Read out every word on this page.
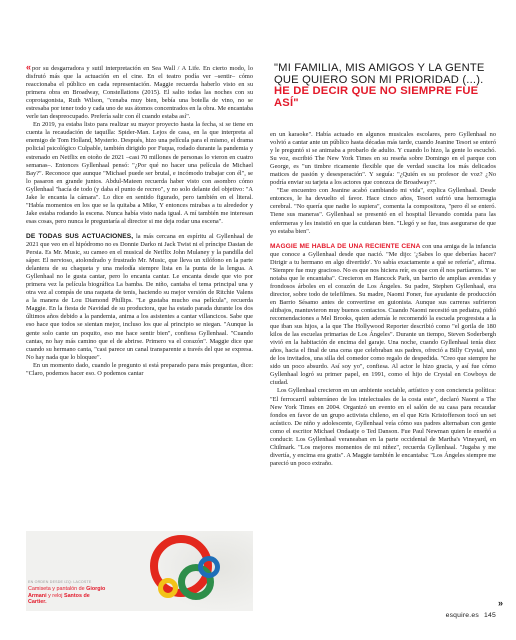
«por su desgarradora y sutil interpretación en Sea Wall / A Life. En cierto modo, lo disfrutó más que la actuación en el cine. En el teatro podía ver –sentir– cómo reaccionaba el público en cada representación. Maggie recuerda haberlo visto en su primera obra en Broadway, Constellations (2015). El salto todas las noches con su coprotagonista, Ruth Wilson, "cenaba muy bien, bebía una botella de vino, no se estresaba por tener todo y cada uno de sus átomos concentrados en la obra. Me encantaba verle tan despreocupado. Prefería salir con él cuando estaba así".

En 2019, ya estaba listo para realizar su mayor proyecto hasta la fecha, si se tiene en cuenta la recaudación de taquilla: Spider-Man. Lejos de casa, en la que interpreta al enemigo de Tom Holland, Mysterio. Después, hizo una película para el mismo, el drama policial psicológico Culpable, también dirigido por Fuqua, rodado durante la pandemia y estrenado en Netflix en otoño de 2021 –casi 70 millones de personas lo vieron en cuatro semanas–. Entonces Gyllenhaal pensó: "¿Por qué no hacer una película de Michael Bay?". Reconoce que aunque "Michael puede ser brutal, e incómodo trabajar con él", se lo pasaron en grande juntos. Abdul-Mateen recuerda haber visto con asombro cómo Gyllenhaal "hacía de todo (y daba el punto de recreo", y no solo delante del objetivo: "A Jake le encanta la cámara". Lo dice en sentido figurado, pero también en el literal. "Había momentos en los que se la quitaba a Mike, Y entonces mirabas a tu alrededor y Jake estaba rodando la escena. Nunca había visto nada igual. A mí también me interesan esas cosas, pero nunca le preguntaría al director si me deja rodar una escena".

DE TODAS SUS ACTUACIONES, la más cercana en espíritu al Gyllenhaal de 2021 que veo en el hipódromo no es Donnie Darko ni Jack Twist ni el príncipe Dastan de Persia. Es Mr. Music, su cameo en el musical de Netflix John Mulaney y la pandilla del sáper. El nervioso, atolondrado y frustrado Mr. Music, que lleva un xilófono en la parte delantera de su chaqueta y una melodía siempre lista en la punta de la lengua. A Gyllenhaal no le gusta cantar, pero lo encanta cantar. Le encanta desde que vio por primera vez la película biográfica La bamba. De niño, cantaba el tema principal una y otra vez al compás de una raqueta de tenis, haciendo su mejor versión de Ritchie Valens a la manera de Lou Diamond Phillips. "Le gustaba mucho esa película", recuerda Maggie. En la fiesta de Navidad de su productora, que ha estado parada durante los dos últimos años debido a la pandemia, anima a los asistentes a cantar villancicos. Sabe que eso hace que todos se sientan mejor, incluso los que al principio se niegan. "Aunque la gente solo cante un poquito, eso me hace sentir bien", confiesa Gyllenhaal. "Cuando cantas, no hay más camino que el de abrirse. Primero va el corazón". Maggie dice que cuando su hermano canta, "casi parece un canal transparente a través del que se expresa. No hay nada que lo bloquee".

En un momento dado, cuando le pregunto si está preparado para más preguntas, dice: "Claro, podemos hacer eso. O podemos cantar

"MI FAMILIA, MIS AMIGOS Y LA GENTE QUE QUIERO SON MI PRIORIDAD (...). HE DE DECIR QUE NO SIEMPRE FUE ASÍ"

en un karaoke". Había actuado en algunos musicales escolares, pero Gyllenhaal no volvió a cantar ante un público hasta décadas más tarde, cuando Jeanine Tesori se enteró y le preguntó si se animaba a probarlo de adulto. Y cuando lo hizo, la gente lo escuchó. Su voz, escribió The New York Times en su reseña sobre Domingo en el parque con George, es "un timbre ricamente flexible que de verdad suscita los más delicados matices de pasión y desesperación". Y seguía: "¿Quién es su profesor de voz? ¿No podría enviar su tarjeta a los actores que conozca de Broadway?".

"Ese encuentro con Jeanine acabó cambiando mi vida", explica Gyllenhaal. Desde entonces, le ha devuelto el favor. Hace cinco años, Tesori sufrió una hemorragia cerebral. "No quería que nadie lo supiera", comenta la compositora, "pero él se enteró. Tiene sus maneras". Gyllenhaal se presentó en el hospital llevando comida para las enfermeras y les insistió en que la cuidaran bien. "Llegó y se fue, tras asegurarse de que yo estaba bien".

MAGGIE ME HABLA DE UNA RECIENTE CENA con una amiga de la infancia que conoce a Gyllenhaal desde que nació. "Me dijo: '¿Sabes lo que deberías hacer? Dirigir a tu hermano en algo divertido'. Yo sabía exactamente a qué se refería", afirma. "Siempre fue muy gracioso. No es que nos hiciera reír, es que con él nos partíamos. Y se notaba que le encantaba". Crecieron en Hancock Park, un barrio de amplias avenidas y frondosos árboles en el corazón de Los Ángeles. Su padre, Stephen Gyllenhaal, era director, sobre todo de telefilmes. Su madre, Naomi Foner, fue ayudante de producción en Barrio Sésamo antes de convertirse en guionista. Aunque sus carreras sufrieron altibajos, mantuvieron muy buenos contactos. Cuando Naomi necesitó un pediatra, pidió recomendaciones a Mel Brooks, quien además le recomendó la escuela progresista a la que iban sus hijos, a la que The Hollywood Reporter describió como "el gorila de 180 kilos de las escuelas primarias de Los Ángeles". Durante un tiempo, Steven Soderbergh vivió en la habitación de encima del garaje. Una noche, cuando Gyllenhaal tenía diez años, hacia el final de una cena que celebraban sus padres, ofreció a Billy Crystal, uno de los invitados, una silla del comedor como regalo de despedida. "Creo que siempre he sido un poco absurdo. Así soy yo", confiesa. Al actor le hizo gracia, y así fue cómo Gyllenhaal logró su primer papel, en 1991, como el hijo de Crystal en Cowboys de ciudad.

Los Gyllenhaal crecieron en un ambiente sociable, artístico y con conciencia política: "El ferrocarril subterráneo de los intelectuales de la costa este", declaró Naomi a The New York Times en 2004. Organizó un evento en el salón de su casa para recaudar fondos en favor de un grupo activista chileno, en el que Kris Kristofferson tocó un set acústico. De niño y adolescente, Gyllenhaal veía cómo sus padres alternaban con gente como el escritor Michael Ondaatje o Ted Danson. Fue Paul Newman quien le enseñó a conducir. Los Gyllenhaal veraneaban en la parte occidental de Martha's Vineyard, en Chilmark. "Los mejores momentos de mi niñez", recuerda Gyllenhaal. "Jugaba y me divertía, y encima era gratis". A Maggie también le encantaba: "Los Ángeles siempre me pareció un poco extraño.

»
EN ORDEN DESDE IZQ: LACOSTE
Camiseta y pantalón de Giorgio Armani y reloj Santos de Cartier.
esquire.es 145
